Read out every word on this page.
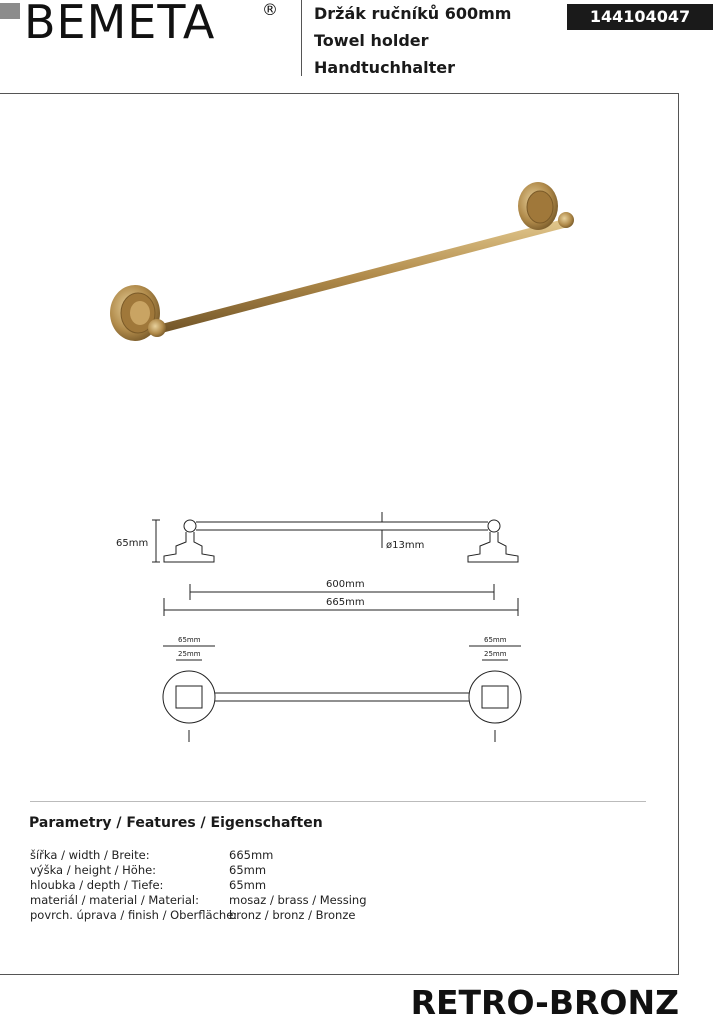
BEMETA	® Držák ručníků 600mm
Towel holder
Handtuchhalter
144104047
65mm	ø13mm
600mm
665mm
65mm
25mm
65mm
25mm
Parametry / Features / Eigenschaften
šířka / width / Breite:	665mm
výška / height / Höhe:	65mm
hloubka / depth / Tiefe:	65mm
materiál / material / Material:	mosaz / brass / Messing
povrch. úprava / finish / Oberfläche:
bronz / bronz / Bronze
RETRO-BRONZ
